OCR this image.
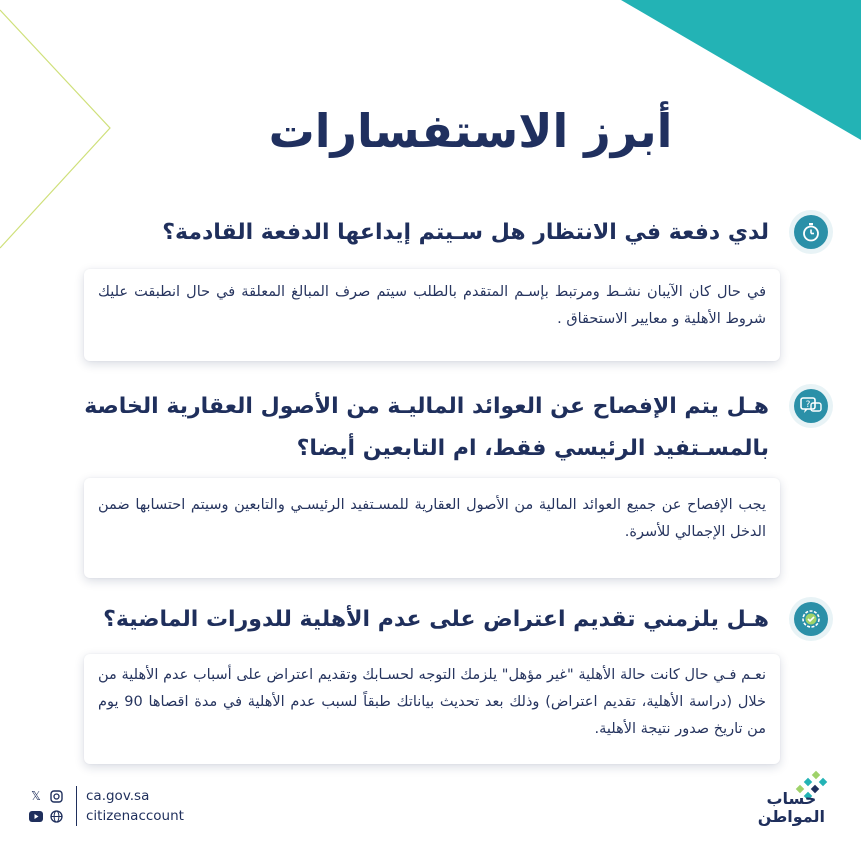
أبرز الاستفسارات
لدي دفعة في الانتظار هل سـيتم إيداعها الدفعة القادمة؟
في حال كان الآيبان نشـط ومرتبط بإسـم المتقدم بالطلب سيتم صرف المبالغ المعلقة في حال انطبقت عليك شروط الأهلية و معايير الاستحقاق .
?
هـل يتم الإفصاح عن العوائد الماليـة من الأصول العقارية الخاصة
بالمسـتفيد الرئيسي فقط، ام التابعين أيضا؟
يجب الإفصاح عن جميع العوائد المالية من الأصول العقارية للمسـتفيد الرئيسـي والتابعين وسيتم احتسابها ضمن الدخل الإجمالي للأسرة.
هـل يلزمني تقديم اعتراض على عدم الأهلية للدورات الماضية؟
نعـم فـي حال كانت حالة الأهلية "غير مؤهل" يلزمك التوجه لحسـابك وتقديم اعتراض على أسباب عدم الأهلية من خلال (دراسة الأهلية، تقديم اعتراض) وذلك بعد تحديث بياناتك طبقاً لسبب عدم الأهلية في مدة اقصاها 90 يوم من تاريخ صدور نتيجة الأهلية.
𝕏	ca.gov.sa
citizenaccount
حساب
المواطن
